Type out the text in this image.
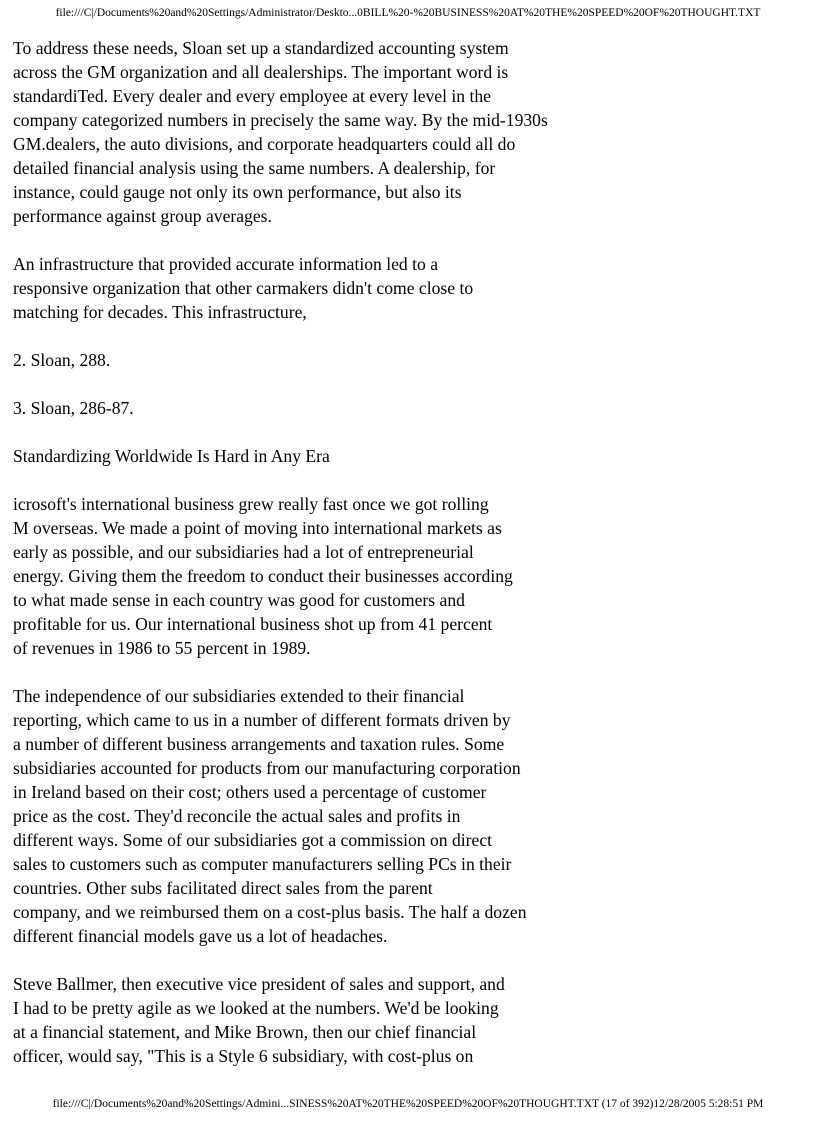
file:///C|/Documents%20and%20Settings/Administrator/Deskto...0BILL%20-%20BUSINESS%20AT%20THE%20SPEED%20OF%20THOUGHT.TXT

To address these needs, Sloan set up a standardized accounting system
across the GM organization and all dealerships. The important word is
standardiTed. Every dealer and every employee at every level in the
company categorized numbers in precisely the same way. By the mid-1930s
GM.dealers, the auto divisions, and corporate headquarters could all do
detailed financial analysis using the same numbers. A dealership, for
instance, could gauge not only its own performance, but also its
performance against group averages.

An infrastructure that provided accurate information led to a
responsive organization that other carmakers didn't come close to
matching for decades. This infrastructure,

2. Sloan, 288.

3. Sloan, 286-87.

Standardizing Worldwide Is Hard in Any Era

icrosoft's international business grew really fast once we got rolling
M overseas. We made a point of moving into international markets as
early as possible, and our subsidiaries had a lot of entrepreneurial
energy. Giving them the freedom to conduct their businesses according
to what made sense in each country was good for customers and
profitable for us. Our international business shot up from 41 percent
of revenues in 1986 to 55 percent in 1989.

The independence of our subsidiaries extended to their financial
reporting, which came to us in a number of different formats driven by
a number of different business arrangements and taxation rules. Some
subsidiaries accounted for products from our manufacturing corporation
in Ireland based on their cost; others used a percentage of customer
price as the cost. They'd reconcile the actual sales and profits in
different ways. Some of our subsidiaries got a commission on direct
sales to customers such as computer manufacturers selling PCs in their
countries. Other subs facilitated direct sales from the parent
company, and we reimbursed them on a cost-plus basis. The half a dozen
different financial models gave us a lot of headaches.

Steve Ballmer, then executive vice president of sales and support, and
I had to be pretty agile as we looked at the numbers. We'd be looking
at a financial statement, and Mike Brown, then our chief financial
officer, would say, "This is a Style 6 subsidiary, with cost-plus on

file:///C|/Documents%20and%20Settings/Admini...SINESS%20AT%20THE%20SPEED%20OF%20THOUGHT.TXT (17 of 392)12/28/2005 5:28:51 PM
